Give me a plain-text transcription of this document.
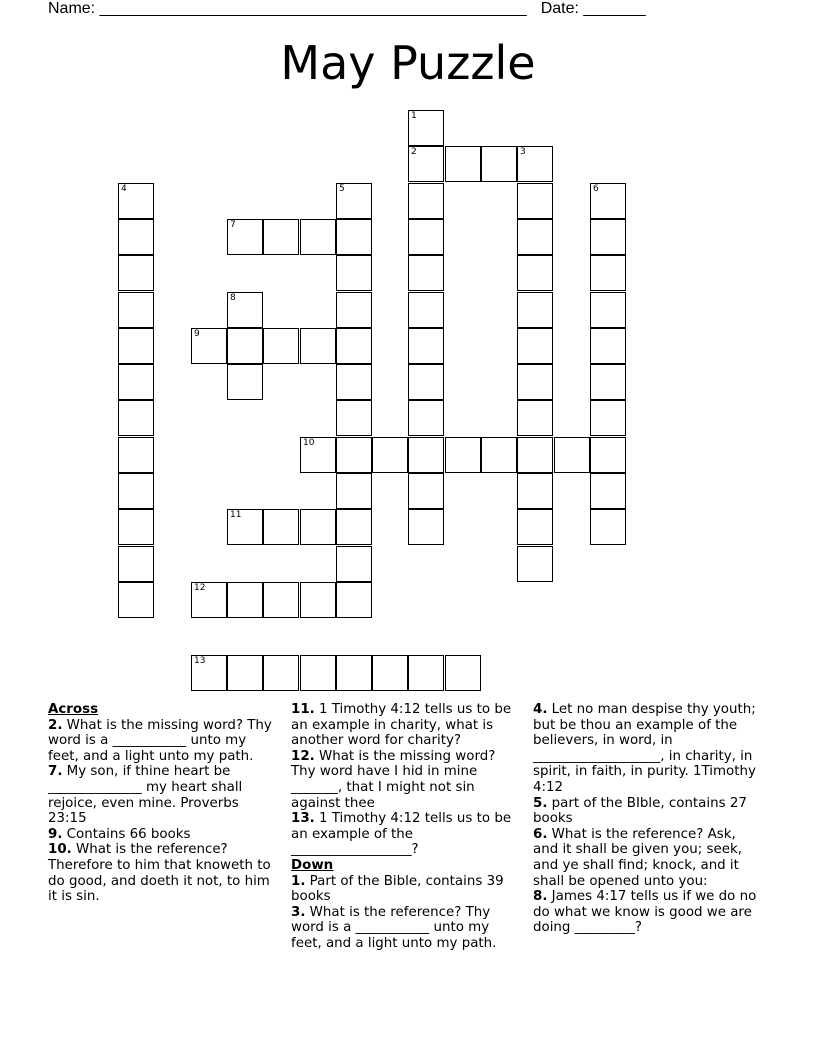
Name: ________________________________________________ Date: _______
May Puzzle
1
2	3
4	5	6
7
8
9
10
11
12
13

Across

2. What is the missing word? Thy word is a ___________ unto my feet, and a light unto my path.

7. My son, if thine heart be ______________ my heart shall rejoice, even mine. Proverbs 23:15

9. Contains 66 books

10. What is the reference? Therefore to him that knoweth to do good, and doeth it not, to him it is sin.

11. 1 Timothy 4:12 tells us to be an example in charity, what is another word for charity?

12. What is the missing word? Thy word have I hid in mine _______, that I might not sin against thee

13. 1 Timothy 4:12 tells us to be an example of the __________________?

Down

1. Part of the Bible, contains 39 books

3. What is the reference? Thy word is a ___________ unto my feet, and a light unto my path.

4. Let no man despise thy youth; but be thou an example of the believers, in word, in ___________________, in charity, in spirit, in faith, in purity. 1Timothy 4:12

5. part of the BIble, contains 27 books

6. What is the reference? Ask, and it shall be given you; seek, and ye shall find; knock, and it shall be opened unto you:

8. James 4:17 tells us if we do no do what we know is good we are doing _________?
